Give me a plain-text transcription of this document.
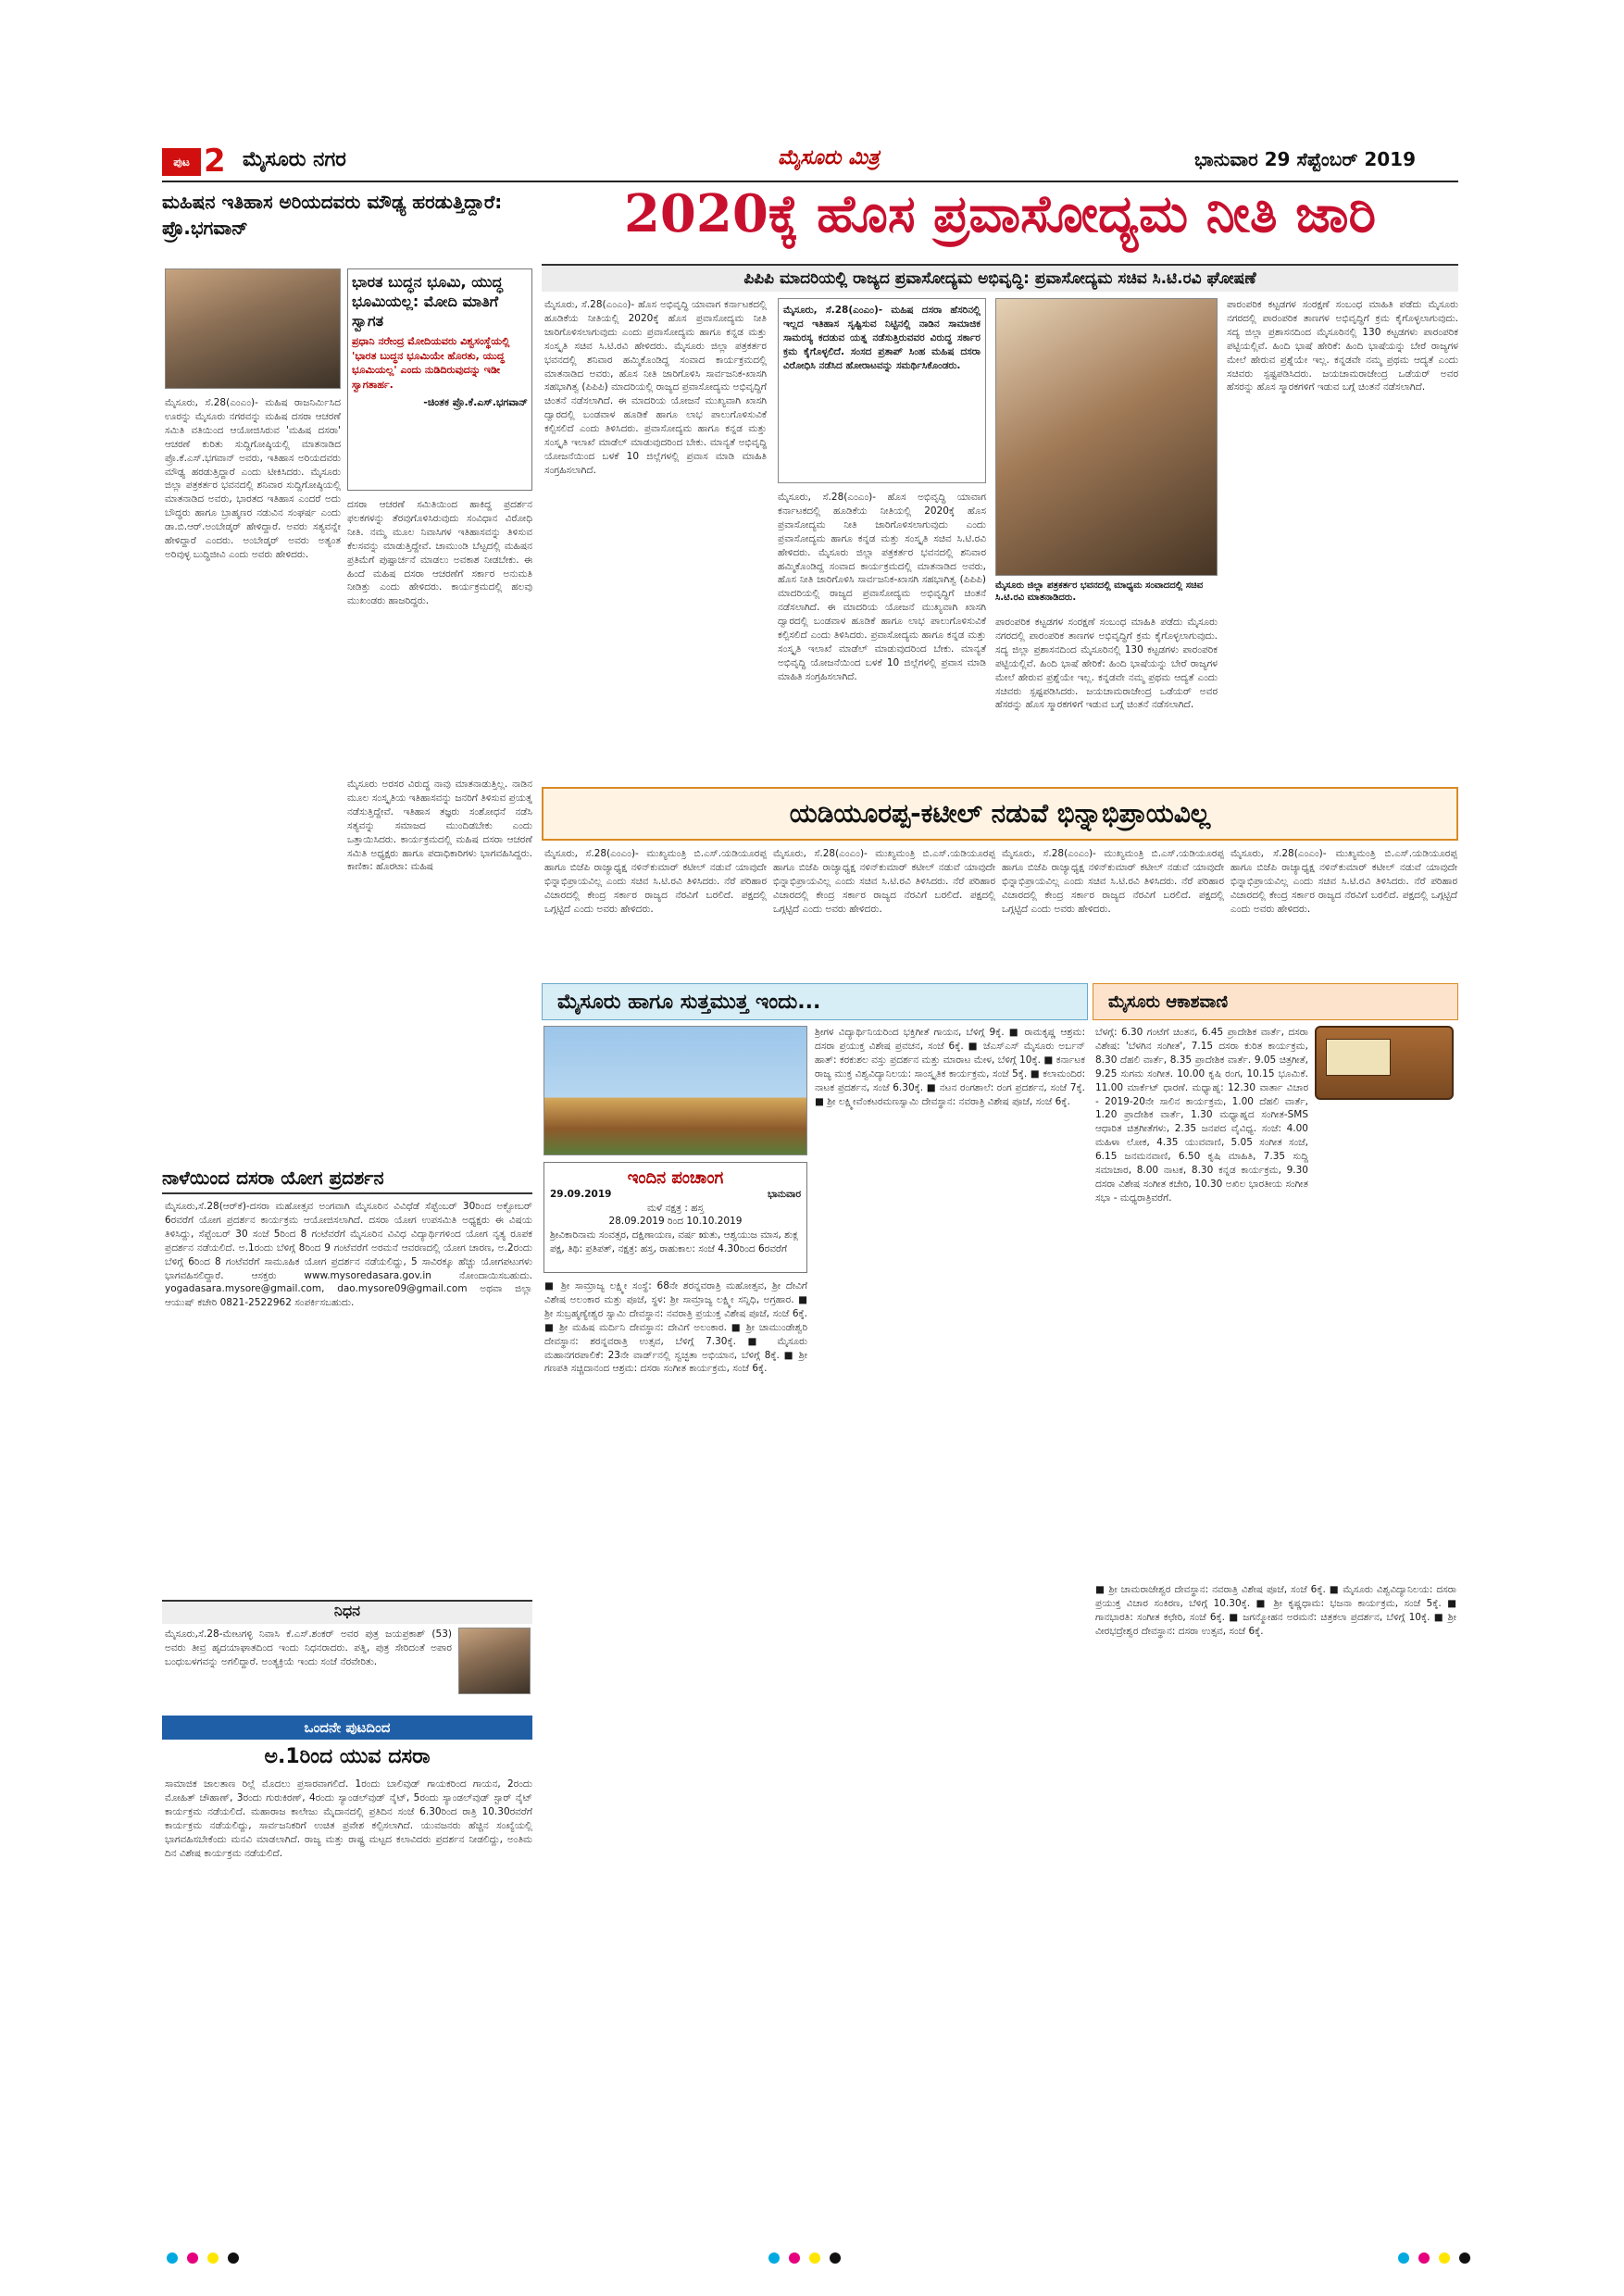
ಪುಟ 2 ಮೈಸೂರು ನಗರ	ಮೈಸೂರು ಮಿತ್ರ	ಭಾನುವಾರ 29 ಸೆಪ್ಟೆಂಬರ್ 2019
ಮಹಿಷನ ಇತಿಹಾಸ ಅರಿಯದವರು ಮೌಢ್ಯ ಹರಡುತ್ತಿದ್ದಾರೆ: ಪ್ರೊ.ಭಗವಾನ್
ಭಾರತ ಬುದ್ಧನ ಭೂಮಿ, ಯುದ್ಧ ಭೂಮಿಯಲ್ಲ: ಮೋದಿ ಮಾತಿಗೆ ಸ್ವಾಗತ
ಪ್ರಧಾನಿ ನರೇಂದ್ರ ಮೋದಿಯವರು ವಿಶ್ವಸಂಸ್ಥೆಯಲ್ಲಿ 'ಭಾರತ ಬುದ್ಧನ ಭೂಮಿಯೇ ಹೊರತು, ಯುದ್ಧ ಭೂಮಿಯಲ್ಲ' ಎಂದು ನುಡಿದಿರುವುದನ್ನು ಇಡೀ ಸ್ವಾಗತಾರ್ಹ.
-ಚಿಂತಕ ಪ್ರೊ.ಕೆ.ಎಸ್.ಭಗವಾನ್
ಮೈಸೂರು, ಸೆ.28(ಎಂಎಂ)- ಮಹಿಷ ರಾಜನಿರ್ಮಿಸಿದ ಊರನ್ನು ಮೈಸೂರು ನಗರವನ್ನು ಮಹಿಷ ದಸರಾ ಆಚರಣೆ ಸಮಿತಿ ವತಿಯಿಂದ ಆಯೋಜಿಸಿರುವ 'ಮಹಿಷ ದಸರಾ' ಆಚರಣೆ ಕುರಿತು ಸುದ್ದಿಗೋಷ್ಠಿಯಲ್ಲಿ ಮಾತನಾಡಿದ ಪ್ರೊ.ಕೆ.ಎಸ್.ಭಗವಾನ್ ಅವರು, ಇತಿಹಾಸ ಅರಿಯದವರು ಮೌಢ್ಯ ಹರಡುತ್ತಿದ್ದಾರೆ ಎಂದು ಟೀಕಿಸಿದರು. ಮೈಸೂರು ಜಿಲ್ಲಾ ಪತ್ರಕರ್ತರ ಭವನದಲ್ಲಿ ಶನಿವಾರ ಸುದ್ದಿಗೋಷ್ಠಿಯಲ್ಲಿ ಮಾತನಾಡಿದ ಅವರು, ಭಾರತದ ಇತಿಹಾಸ ಎಂದರೆ ಅದು ಬೌದ್ಧರು ಹಾಗೂ ಬ್ರಾಹ್ಮಣರ ನಡುವಿನ ಸಂಘರ್ಷ ಎಂದು ಡಾ.ಬಿ.ಆರ್.ಅಂಬೇಡ್ಕರ್ ಹೇಳಿದ್ದಾರೆ. ಅವರು ಸತ್ಯವನ್ನೇ ಹೇಳಿದ್ದಾರೆ ಎಂದರು. ಅಂಬೇಡ್ಕರ್ ಅವರು ಅತ್ಯಂತ ಅರಿವುಳ್ಳ ಬುದ್ಧಿಜೀವಿ ಎಂದು ಅವರು ಹೇಳಿದರು.
ದಸರಾ ಆಚರಣೆ ಸಮಿತಿಯಿಂದ ಹಾಕಿದ್ದ ಪ್ರದರ್ಶನ ಫಲಕಗಳನ್ನು ತೆರವುಗೊಳಿಸಿರುವುದು ಸಂವಿಧಾನ ವಿರೋಧಿ ನೀತಿ. ನಮ್ಮ ಮೂಲ ನಿವಾಸಿಗಳ ಇತಿಹಾಸವನ್ನು ತಿಳಿಸುವ ಕೆಲಸವನ್ನು ಮಾಡುತ್ತಿದ್ದೇವೆ. ಚಾಮುಂಡಿ ಬೆಟ್ಟದಲ್ಲಿ ಮಹಿಷನ ಪ್ರತಿಮೆಗೆ ಪುಷ್ಪಾರ್ಚನೆ ಮಾಡಲು ಅವಕಾಶ ನೀಡಬೇಕು. ಈ ಹಿಂದೆ ಮಹಿಷ ದಸರಾ ಆಚರಣೆಗೆ ಸರ್ಕಾರ ಅನುಮತಿ ನೀಡಿತ್ತು ಎಂದು ಹೇಳಿದರು. ಕಾರ್ಯಕ್ರಮದಲ್ಲಿ ಹಲವು ಮುಖಂಡರು ಹಾಜರಿದ್ದರು.
ಮೈಸೂರು ಅರಸರ ವಿರುದ್ಧ ನಾವು ಮಾತನಾಡುತ್ತಿಲ್ಲ. ನಾಡಿನ ಮೂಲ ಸಂಸ್ಕೃತಿಯ ಇತಿಹಾಸವನ್ನು ಜನರಿಗೆ ತಿಳಿಸುವ ಪ್ರಯತ್ನ ನಡೆಸುತ್ತಿದ್ದೇವೆ. ಇತಿಹಾಸ ತಜ್ಞರು ಸಂಶೋಧನೆ ನಡೆಸಿ ಸತ್ಯವನ್ನು ಸಮಾಜದ ಮುಂದಿಡಬೇಕು ಎಂದು ಒತ್ತಾಯಿಸಿದರು. ಕಾರ್ಯಕ್ರಮದಲ್ಲಿ ಮಹಿಷ ದಸರಾ ಆಚರಣೆ ಸಮಿತಿ ಅಧ್ಯಕ್ಷರು ಹಾಗೂ ಪದಾಧಿಕಾರಿಗಳು ಭಾಗವಹಿಸಿದ್ದರು. ಕಾಣಿಕಾ: ಹೊರಟಾ: ಮಹಿಷ
2020ಕ್ಕೆ ಹೊಸ ಪ್ರವಾಸೋದ್ಯಮ ನೀತಿ ಜಾರಿ
ಪಿಪಿಪಿ ಮಾದರಿಯಲ್ಲಿ ರಾಜ್ಯದ ಪ್ರವಾಸೋದ್ಯಮ ಅಭಿವೃದ್ಧಿ: ಪ್ರವಾಸೋದ್ಯಮ ಸಚಿವ ಸಿ.ಟಿ.ರವಿ ಘೋಷಣೆ
ಮೈಸೂರು, ಸೆ.28(ಎಂಎಂ)- ಹೊಸ ಅಭಿವೃದ್ಧಿ ಯಾವಾಗ ಕರ್ನಾಟಕದಲ್ಲಿ ಹೂಡಿಕೆಯ ನೀತಿಯಲ್ಲಿ 2020ಕ್ಕೆ ಹೊಸ ಪ್ರವಾಸೋದ್ಯಮ ನೀತಿ ಜಾರಿಗೊಳಿಸಲಾಗುವುದು ಎಂದು ಪ್ರವಾಸೋದ್ಯಮ ಹಾಗೂ ಕನ್ನಡ ಮತ್ತು ಸಂಸ್ಕೃತಿ ಸಚಿವ ಸಿ.ಟಿ.ರವಿ ಹೇಳಿದರು. ಮೈಸೂರು ಜಿಲ್ಲಾ ಪತ್ರಕರ್ತರ ಭವನದಲ್ಲಿ ಶನಿವಾರ ಹಮ್ಮಿಕೊಂಡಿದ್ದ ಸಂವಾದ ಕಾರ್ಯಕ್ರಮದಲ್ಲಿ ಮಾತನಾಡಿದ ಅವರು, ಹೊಸ ನೀತಿ ಜಾರಿಗೊಳಿಸಿ ಸಾರ್ವಜನಿಕ-ಖಾಸಗಿ ಸಹಭಾಗಿತ್ವ (ಪಿಪಿಪಿ) ಮಾದರಿಯಲ್ಲಿ ರಾಜ್ಯದ ಪ್ರವಾಸೋದ್ಯಮ ಅಭಿವೃದ್ಧಿಗೆ ಚಿಂತನೆ ನಡೆಸಲಾಗಿದೆ. ಈ ಮಾದರಿಯ ಯೋಜನೆ ಮುಖ್ಯವಾಗಿ ಖಾಸಗಿ ದ್ವಾರದಲ್ಲಿ ಬಂಡವಾಳ ಹೂಡಿಕೆ ಹಾಗೂ ಲಾಭ ಪಾಲುಗೊಳಿಸುವಿಕೆ ಕಲ್ಪಿಸಲಿದೆ ಎಂದು ತಿಳಿಸಿದರು. ಪ್ರವಾಸೋದ್ಯಮ ಹಾಗೂ ಕನ್ನಡ ಮತ್ತು ಸಂಸ್ಕೃತಿ ಇಲಾಖೆ ಮಾಡೆಲ್ ಮಾಡುವುದರಿಂದ ಬೇಕು. ಮಾನ್ಯತೆ ಅಭಿವೃದ್ಧಿ ಯೋಜನೆಯಿಂದ ಬಳಕೆ 10 ಜಿಲ್ಲೆಗಳಲ್ಲಿ ಪ್ರವಾಸ ಮಾಡಿ ಮಾಹಿತಿ ಸಂಗ್ರಹಿಸಲಾಗಿದೆ.
ಮೈಸೂರು, ಸೆ.28(ಎಂಎಂ)- ಮಹಿಷ ದಸರಾ ಹೆಸರಿನಲ್ಲಿ ಇಲ್ಲದ ಇತಿಹಾಸ ಸೃಷ್ಟಿಸುವ ನಿಟ್ಟಿನಲ್ಲಿ ನಾಡಿನ ಸಾಮಾಜಿಕ ಸಾಮರಸ್ಯ ಕದಡುವ ಯತ್ನ ನಡೆಸುತ್ತಿರುವವರ ವಿರುದ್ಧ ಸರ್ಕಾರ ಕ್ರಮ ಕೈಗೊಳ್ಳಲಿದೆ. ಸಂಸದ ಪ್ರತಾಪ್ ಸಿಂಹ ಮಹಿಷ ದಸರಾ ವಿರೋಧಿಸಿ ನಡೆಸಿದ ಹೋರಾಟವನ್ನು ಸಮರ್ಥಿಸಿಕೊಂಡರು.
ಮೈಸೂರು, ಸೆ.28(ಎಂಎಂ)- ಹೊಸ ಅಭಿವೃದ್ಧಿ ಯಾವಾಗ ಕರ್ನಾಟಕದಲ್ಲಿ ಹೂಡಿಕೆಯ ನೀತಿಯಲ್ಲಿ 2020ಕ್ಕೆ ಹೊಸ ಪ್ರವಾಸೋದ್ಯಮ ನೀತಿ ಜಾರಿಗೊಳಿಸಲಾಗುವುದು ಎಂದು ಪ್ರವಾಸೋದ್ಯಮ ಹಾಗೂ ಕನ್ನಡ ಮತ್ತು ಸಂಸ್ಕೃತಿ ಸಚಿವ ಸಿ.ಟಿ.ರವಿ ಹೇಳಿದರು. ಮೈಸೂರು ಜಿಲ್ಲಾ ಪತ್ರಕರ್ತರ ಭವನದಲ್ಲಿ ಶನಿವಾರ ಹಮ್ಮಿಕೊಂಡಿದ್ದ ಸಂವಾದ ಕಾರ್ಯಕ್ರಮದಲ್ಲಿ ಮಾತನಾಡಿದ ಅವರು, ಹೊಸ ನೀತಿ ಜಾರಿಗೊಳಿಸಿ ಸಾರ್ವಜನಿಕ-ಖಾಸಗಿ ಸಹಭಾಗಿತ್ವ (ಪಿಪಿಪಿ) ಮಾದರಿಯಲ್ಲಿ ರಾಜ್ಯದ ಪ್ರವಾಸೋದ್ಯಮ ಅಭಿವೃದ್ಧಿಗೆ ಚಿಂತನೆ ನಡೆಸಲಾಗಿದೆ. ಈ ಮಾದರಿಯ ಯೋಜನೆ ಮುಖ್ಯವಾಗಿ ಖಾಸಗಿ ದ್ವಾರದಲ್ಲಿ ಬಂಡವಾಳ ಹೂಡಿಕೆ ಹಾಗೂ ಲಾಭ ಪಾಲುಗೊಳಿಸುವಿಕೆ ಕಲ್ಪಿಸಲಿದೆ ಎಂದು ತಿಳಿಸಿದರು. ಪ್ರವಾಸೋದ್ಯಮ ಹಾಗೂ ಕನ್ನಡ ಮತ್ತು ಸಂಸ್ಕೃತಿ ಇಲಾಖೆ ಮಾಡೆಲ್ ಮಾಡುವುದರಿಂದ ಬೇಕು. ಮಾನ್ಯತೆ ಅಭಿವೃದ್ಧಿ ಯೋಜನೆಯಿಂದ ಬಳಕೆ 10 ಜಿಲ್ಲೆಗಳಲ್ಲಿ ಪ್ರವಾಸ ಮಾಡಿ ಮಾಹಿತಿ ಸಂಗ್ರಹಿಸಲಾಗಿದೆ.
ಮೈಸೂರು ಜಿಲ್ಲಾ ಪತ್ರಕರ್ತರ ಭವನದಲ್ಲಿ ಮಾಧ್ಯಮ ಸಂವಾದದಲ್ಲಿ ಸಚಿವ ಸಿ.ಟಿ.ರವಿ ಮಾತನಾಡಿದರು.
ಪಾರಂಪರಿಕ ಕಟ್ಟಡಗಳ ಸಂರಕ್ಷಣೆ ಸಂಬಂಧ ಮಾಹಿತಿ ಪಡೆದು ಮೈಸೂರು ನಗರದಲ್ಲಿ ಪಾರಂಪರಿಕ ತಾಣಗಳ ಅಭಿವೃದ್ಧಿಗೆ ಕ್ರಮ ಕೈಗೊಳ್ಳಲಾಗುವುದು. ಸದ್ಯ ಜಿಲ್ಲಾ ಪ್ರಶಾಸನದಿಂದ ಮೈಸೂರಿನಲ್ಲಿ 130 ಕಟ್ಟಡಗಳು ಪಾರಂಪರಿಕ ಪಟ್ಟಿಯಲ್ಲಿವೆ. ಹಿಂದಿ ಭಾಷೆ ಹೇರಿಕೆ: ಹಿಂದಿ ಭಾಷೆಯನ್ನು ಬೇರೆ ರಾಜ್ಯಗಳ ಮೇಲೆ ಹೇರುವ ಪ್ರಶ್ನೆಯೇ ಇಲ್ಲ. ಕನ್ನಡವೇ ನಮ್ಮ ಪ್ರಥಮ ಆದ್ಯತೆ ಎಂದು ಸಚಿವರು ಸ್ಪಷ್ಟಪಡಿಸಿದರು. ಜಯಚಾಮರಾಜೇಂದ್ರ ಒಡೆಯರ್ ಅವರ ಹೆಸರನ್ನು ಹೊಸ ಸ್ಮಾರಕಗಳಿಗೆ ಇಡುವ ಬಗ್ಗೆ ಚಿಂತನೆ ನಡೆಸಲಾಗಿದೆ.
ಪಾರಂಪರಿಕ ಕಟ್ಟಡಗಳ ಸಂರಕ್ಷಣೆ ಸಂಬಂಧ ಮಾಹಿತಿ ಪಡೆದು ಮೈಸೂರು ನಗರದಲ್ಲಿ ಪಾರಂಪರಿಕ ತಾಣಗಳ ಅಭಿವೃದ್ಧಿಗೆ ಕ್ರಮ ಕೈಗೊಳ್ಳಲಾಗುವುದು. ಸದ್ಯ ಜಿಲ್ಲಾ ಪ್ರಶಾಸನದಿಂದ ಮೈಸೂರಿನಲ್ಲಿ 130 ಕಟ್ಟಡಗಳು ಪಾರಂಪರಿಕ ಪಟ್ಟಿಯಲ್ಲಿವೆ. ಹಿಂದಿ ಭಾಷೆ ಹೇರಿಕೆ: ಹಿಂದಿ ಭಾಷೆಯನ್ನು ಬೇರೆ ರಾಜ್ಯಗಳ ಮೇಲೆ ಹೇರುವ ಪ್ರಶ್ನೆಯೇ ಇಲ್ಲ. ಕನ್ನಡವೇ ನಮ್ಮ ಪ್ರಥಮ ಆದ್ಯತೆ ಎಂದು ಸಚಿವರು ಸ್ಪಷ್ಟಪಡಿಸಿದರು. ಜಯಚಾಮರಾಜೇಂದ್ರ ಒಡೆಯರ್ ಅವರ ಹೆಸರನ್ನು ಹೊಸ ಸ್ಮಾರಕಗಳಿಗೆ ಇಡುವ ಬಗ್ಗೆ ಚಿಂತನೆ ನಡೆಸಲಾಗಿದೆ.
ಯಡಿಯೂರಪ್ಪ-ಕಟೀಲ್ ನಡುವೆ ಭಿನ್ನಾಭಿಪ್ರಾಯವಿಲ್ಲ
ಮೈಸೂರು, ಸೆ.28(ಎಂಎಂ)- ಮುಖ್ಯಮಂತ್ರಿ ಬಿ.ಎಸ್.ಯಡಿಯೂರಪ್ಪ ಹಾಗೂ ಬಿಜೆಪಿ ರಾಜ್ಯಾಧ್ಯಕ್ಷ ನಳಿನ್‌ಕುಮಾರ್ ಕಟೀಲ್ ನಡುವೆ ಯಾವುದೇ ಭಿನ್ನಾಭಿಪ್ರಾಯವಿಲ್ಲ ಎಂದು ಸಚಿವ ಸಿ.ಟಿ.ರವಿ ತಿಳಿಸಿದರು. ನೆರೆ ಪರಿಹಾರ ವಿಚಾರದಲ್ಲಿ ಕೇಂದ್ರ ಸರ್ಕಾರ ರಾಜ್ಯದ ನೆರವಿಗೆ ಬರಲಿದೆ. ಪಕ್ಷದಲ್ಲಿ ಒಗ್ಗಟ್ಟಿದೆ ಎಂದು ಅವರು ಹೇಳಿದರು.
ಮೈಸೂರು, ಸೆ.28(ಎಂಎಂ)- ಮುಖ್ಯಮಂತ್ರಿ ಬಿ.ಎಸ್.ಯಡಿಯೂರಪ್ಪ ಹಾಗೂ ಬಿಜೆಪಿ ರಾಜ್ಯಾಧ್ಯಕ್ಷ ನಳಿನ್‌ಕುಮಾರ್ ಕಟೀಲ್ ನಡುವೆ ಯಾವುದೇ ಭಿನ್ನಾಭಿಪ್ರಾಯವಿಲ್ಲ ಎಂದು ಸಚಿವ ಸಿ.ಟಿ.ರವಿ ತಿಳಿಸಿದರು. ನೆರೆ ಪರಿಹಾರ ವಿಚಾರದಲ್ಲಿ ಕೇಂದ್ರ ಸರ್ಕಾರ ರಾಜ್ಯದ ನೆರವಿಗೆ ಬರಲಿದೆ. ಪಕ್ಷದಲ್ಲಿ ಒಗ್ಗಟ್ಟಿದೆ ಎಂದು ಅವರು ಹೇಳಿದರು.
ಮೈಸೂರು, ಸೆ.28(ಎಂಎಂ)- ಮುಖ್ಯಮಂತ್ರಿ ಬಿ.ಎಸ್.ಯಡಿಯೂರಪ್ಪ ಹಾಗೂ ಬಿಜೆಪಿ ರಾಜ್ಯಾಧ್ಯಕ್ಷ ನಳಿನ್‌ಕುಮಾರ್ ಕಟೀಲ್ ನಡುವೆ ಯಾವುದೇ ಭಿನ್ನಾಭಿಪ್ರಾಯವಿಲ್ಲ ಎಂದು ಸಚಿವ ಸಿ.ಟಿ.ರವಿ ತಿಳಿಸಿದರು. ನೆರೆ ಪರಿಹಾರ ವಿಚಾರದಲ್ಲಿ ಕೇಂದ್ರ ಸರ್ಕಾರ ರಾಜ್ಯದ ನೆರವಿಗೆ ಬರಲಿದೆ. ಪಕ್ಷದಲ್ಲಿ ಒಗ್ಗಟ್ಟಿದೆ ಎಂದು ಅವರು ಹೇಳಿದರು.
ಮೈಸೂರು, ಸೆ.28(ಎಂಎಂ)- ಮುಖ್ಯಮಂತ್ರಿ ಬಿ.ಎಸ್.ಯಡಿಯೂರಪ್ಪ ಹಾಗೂ ಬಿಜೆಪಿ ರಾಜ್ಯಾಧ್ಯಕ್ಷ ನಳಿನ್‌ಕುಮಾರ್ ಕಟೀಲ್ ನಡುವೆ ಯಾವುದೇ ಭಿನ್ನಾಭಿಪ್ರಾಯವಿಲ್ಲ ಎಂದು ಸಚಿವ ಸಿ.ಟಿ.ರವಿ ತಿಳಿಸಿದರು. ನೆರೆ ಪರಿಹಾರ ವಿಚಾರದಲ್ಲಿ ಕೇಂದ್ರ ಸರ್ಕಾರ ರಾಜ್ಯದ ನೆರವಿಗೆ ಬರಲಿದೆ. ಪಕ್ಷದಲ್ಲಿ ಒಗ್ಗಟ್ಟಿದೆ ಎಂದು ಅವರು ಹೇಳಿದರು.
ನಾಳೆಯಿಂದ ದಸರಾ ಯೋಗ ಪ್ರದರ್ಶನ
ಮೈಸೂರು,ಸೆ.28(ಆರ್‌ಕೆ)-ದಸರಾ ಮಹೋತ್ಸವ ಅಂಗವಾಗಿ ಮೈಸೂರಿನ ವಿವಿಧೆಡೆ ಸೆಪ್ಟೆಂಬರ್ 30ರಿಂದ ಅಕ್ಟೋಬರ್ 6ರವರೆಗೆ ಯೋಗ ಪ್ರದರ್ಶನ ಕಾರ್ಯಕ್ರಮ ಆಯೋಜಿಸಲಾಗಿದೆ. ದಸರಾ ಯೋಗ ಉಪಸಮಿತಿ ಅಧ್ಯಕ್ಷರು ಈ ವಿಷಯ ತಿಳಿಸಿದ್ದು, ಸೆಪ್ಟೆಂಬರ್ 30 ಸಂಜೆ 5ರಿಂದ 8 ಗಂಟೆವರೆಗೆ ಮೈಸೂರಿನ ವಿವಿಧ ವಿದ್ಯಾರ್ಥಿಗಳಿಂದ ಯೋಗ ನೃತ್ಯ ರೂಪಕ ಪ್ರದರ್ಶನ ನಡೆಯಲಿದೆ. ಅ.1ರಂದು ಬೆಳಿಗ್ಗೆ 8ರಿಂದ 9 ಗಂಟೆವರೆಗೆ ಅರಮನೆ ಆವರಣದಲ್ಲಿ ಯೋಗ ಚಾರಣ, ಅ.2ರಂದು ಬೆಳಿಗ್ಗೆ 6ರಿಂದ 8 ಗಂಟೆವರೆಗೆ ಸಾಮೂಹಿಕ ಯೋಗ ಪ್ರದರ್ಶನ ನಡೆಯಲಿದ್ದು, 5 ಸಾವಿರಕ್ಕೂ ಹೆಚ್ಚು ಯೋಗಪಟುಗಳು ಭಾಗವಹಿಸಲಿದ್ದಾರೆ. ಆಸಕ್ತರು www.mysoredasara.gov.in ನೋಂದಾಯಿಸಬಹುದು. yogadasara.mysore@gmail.com, dao.mysore09@gmail.com ಅಥವಾ ಜಿಲ್ಲಾ ಆಯುಷ್ ಕಚೇರಿ 0821-2522962 ಸಂಪರ್ಕಿಸಬಹುದು.
ನಿಧನ
ಮೈಸೂರು,ಸೆ.28-ಮೇಟಗಳ್ಳಿ ನಿವಾಸಿ ಕೆ.ಎಸ್.ಶಂಕರ್ ಅವರ ಪುತ್ರ ಜಯಪ್ರಕಾಶ್ (53) ಅವರು ತೀವ್ರ ಹೃದಯಾಘಾತದಿಂದ ಇಂದು ನಿಧನರಾದರು. ಪತ್ನಿ, ಪುತ್ರ ಸೇರಿದಂತೆ ಅಪಾರ ಬಂಧುಬಳಗವನ್ನು ಅಗಲಿದ್ದಾರೆ. ಅಂತ್ಯಕ್ರಿಯೆ ಇಂದು ಸಂಜೆ ನೆರವೇರಿತು.
ಒಂದನೇ ಪುಟದಿಂದ
ಅ.1ರಿಂದ ಯುವ ದಸರಾ
ಸಾಮಾಜಿಕ ಜಾಲತಾಣ ರಿಲ್ಲೆ ಮೊದಲು ಪ್ರಸಾರವಾಗಲಿದೆ. 1ರಂದು ಬಾಲಿವುಡ್ ಗಾಯಕರಿಂದ ಗಾಯನ, 2ರಂದು ಮೋಹಿತ್ ಚೌಹಾಣ್, 3ರಂದು ಗುರುಕಿರಣ್, 4ರಂದು ಸ್ಯಾಂಡಲ್‌ವುಡ್ ನೈಟ್, 5ರಂದು ಸ್ಯಾಂಡಲ್‌ವುಡ್ ಸ್ಟಾರ್ ನೈಟ್ ಕಾರ್ಯಕ್ರಮ ನಡೆಯಲಿದೆ. ಮಹಾರಾಜ ಕಾಲೇಜು ಮೈದಾನದಲ್ಲಿ ಪ್ರತಿದಿನ ಸಂಜೆ 6.30ರಿಂದ ರಾತ್ರಿ 10.30ರವರೆಗೆ ಕಾರ್ಯಕ್ರಮ ನಡೆಯಲಿದ್ದು, ಸಾರ್ವಜನಿಕರಿಗೆ ಉಚಿತ ಪ್ರವೇಶ ಕಲ್ಪಿಸಲಾಗಿದೆ. ಯುವಜನರು ಹೆಚ್ಚಿನ ಸಂಖ್ಯೆಯಲ್ಲಿ ಭಾಗವಹಿಸಬೇಕೆಂದು ಮನವಿ ಮಾಡಲಾಗಿದೆ. ರಾಜ್ಯ ಮತ್ತು ರಾಷ್ಟ್ರ ಮಟ್ಟದ ಕಲಾವಿದರು ಪ್ರದರ್ಶನ ನೀಡಲಿದ್ದು, ಅಂತಿಮ ದಿನ ವಿಶೇಷ ಕಾರ್ಯಕ್ರಮ ನಡೆಯಲಿದೆ.
ಮೈಸೂರು ಹಾಗೂ ಸುತ್ತಮುತ್ತ ಇಂದು...
ಇಂದಿನ ಪಂಚಾಂಗ
29.09.2019	ಭಾನುವಾರ
ಮಳೆ ನಕ್ಷತ್ರ : ಹಸ್ತ
28.09.2019 ರಿಂದ 10.10.2019
ಶ್ರೀವಿಕಾರಿನಾಮ ಸಂವತ್ಸರ, ದಕ್ಷಿಣಾಯಣ, ವರ್ಷ ಋತು, ಆಶ್ವಯುಜ ಮಾಸ, ಶುಕ್ಲ ಪಕ್ಷ, ತಿಥಿ: ಪ್ರತಿಪತ್, ನಕ್ಷತ್ರ: ಹಸ್ತ, ರಾಹುಕಾಲ: ಸಂಜೆ 4.30ರಿಂದ 6ರವರೆಗೆ
■ ಶ್ರೀ ಸಾಮ್ರಾಜ್ಯ ಲಕ್ಷ್ಮೀ ಸಂಸ್ಥೆ: 68ನೇ ಶರನ್ನವರಾತ್ರಿ ಮಹೋತ್ಸವ, ಶ್ರೀ ದೇವಿಗೆ ವಿಶೇಷ ಅಲಂಕಾರ ಮತ್ತು ಪೂಜೆ, ಸ್ಥಳ: ಶ್ರೀ ಸಾಮ್ರಾಜ್ಯ ಲಕ್ಷ್ಮೀ ಸನ್ನಿಧಿ, ಅಗ್ರಹಾರ. ■ ಶ್ರೀ ಸುಬ್ರಹ್ಮಣ್ಯೇಶ್ವರ ಸ್ವಾಮಿ ದೇವಸ್ಥಾನ: ನವರಾತ್ರಿ ಪ್ರಯುಕ್ತ ವಿಶೇಷ ಪೂಜೆ, ಸಂಜೆ 6ಕ್ಕೆ. ■ ಶ್ರೀ ಮಹಿಷ ಮರ್ದಿನಿ ದೇವಸ್ಥಾನ: ದೇವಿಗೆ ಅಲಂಕಾರ. ■ ಶ್ರೀ ಚಾಮುಂಡೇಶ್ವರಿ ದೇವಸ್ಥಾನ: ಶರನ್ನವರಾತ್ರಿ ಉತ್ಸವ, ಬೆಳಿಗ್ಗೆ 7.30ಕ್ಕೆ. ■ ಮೈಸೂರು ಮಹಾನಗರಪಾಲಿಕೆ: 23ನೇ ವಾರ್ಡ್‌ನಲ್ಲಿ ಸ್ವಚ್ಛತಾ ಅಭಿಯಾನ, ಬೆಳಿಗ್ಗೆ 8ಕ್ಕೆ. ■ ಶ್ರೀ ಗಣಪತಿ ಸಚ್ಚಿದಾನಂದ ಆಶ್ರಮ: ದಸರಾ ಸಂಗೀತ ಕಾರ್ಯಕ್ರಮ, ಸಂಜೆ 6ಕ್ಕೆ.
ಶ್ರೀಗಳ ವಿದ್ಯಾರ್ಥಿನಿಯರಿಂದ ಭಕ್ತಿಗೀತೆ ಗಾಯನ, ಬೆಳಿಗ್ಗೆ 9ಕ್ಕೆ. ■ ರಾಮಕೃಷ್ಣ ಆಶ್ರಮ: ದಸರಾ ಪ್ರಯುಕ್ತ ವಿಶೇಷ ಪ್ರವಚನ, ಸಂಜೆ 6ಕ್ಕೆ. ■ ಜೆಎಸ್‌ಎಸ್ ಮೈಸೂರು ಅರ್ಬನ್ ಹಾತ್: ಕರಕುಶಲ ವಸ್ತು ಪ್ರದರ್ಶನ ಮತ್ತು ಮಾರಾಟ ಮೇಳ, ಬೆಳಿಗ್ಗೆ 10ಕ್ಕೆ. ■ ಕರ್ನಾಟಕ ರಾಜ್ಯ ಮುಕ್ತ ವಿಶ್ವವಿದ್ಯಾನಿಲಯ: ಸಾಂಸ್ಕೃತಿಕ ಕಾರ್ಯಕ್ರಮ, ಸಂಜೆ 5ಕ್ಕೆ. ■ ಕಲಾಮಂದಿರ: ನಾಟಕ ಪ್ರದರ್ಶನ, ಸಂಜೆ 6.30ಕ್ಕೆ. ■ ನಟನ ರಂಗಶಾಲೆ: ರಂಗ ಪ್ರದರ್ಶನ, ಸಂಜೆ 7ಕ್ಕೆ. ■ ಶ್ರೀ ಲಕ್ಷ್ಮೀವೆಂಕಟರಮಣಸ್ವಾಮಿ ದೇವಸ್ಥಾನ: ನವರಾತ್ರಿ ವಿಶೇಷ ಪೂಜೆ, ಸಂಜೆ 6ಕ್ಕೆ.
ಮೈಸೂರು ಆಕಾಶವಾಣಿ
ಬೆಳಗ್ಗೆ: 6.30 ಗಂಟೆಗೆ ಚಿಂತನ, 6.45 ಪ್ರಾದೇಶಿಕ ವಾರ್ತೆ, ದಸರಾ ವಿಶೇಷ: 'ಬೆಳಗಿನ ಸಂಗೀತ', 7.15 ದಸರಾ ಕುರಿತ ಕಾರ್ಯಕ್ರಮ, 8.30 ದೆಹಲಿ ವಾರ್ತೆ, 8.35 ಪ್ರಾದೇಶಿಕ ವಾರ್ತೆ. 9.05 ಚಿತ್ರಗೀತೆ, 9.25 ಸುಗಮ ಸಂಗೀತ. 10.00 ಕೃಷಿ ರಂಗ, 10.15 ಭೂಮಿಕೆ. 11.00 ಮಾರ್ಕೆಟ್ ಧಾರಣೆ. ಮಧ್ಯಾಹ್ನ: 12.30 ವಾರ್ತಾ ವಿಚಾರ - 2019-20ನೇ ಸಾಲಿನ ಕಾರ್ಯಕ್ರಮ, 1.00 ದೆಹಲಿ ವಾರ್ತೆ, 1.20 ಪ್ರಾದೇಶಿಕ ವಾರ್ತೆ, 1.30 ಮಧ್ಯಾಹ್ನದ ಸಂಗೀತ-SMS ಆಧಾರಿತ ಚಿತ್ರಗೀತೆಗಳು, 2.35 ಜನಪದ ವೈವಿಧ್ಯ. ಸಂಜೆ: 4.00 ಮಹಿಳಾ ಲೋಕ, 4.35 ಯುವವಾಣಿ, 5.05 ಸಂಗೀತ ಸಂಜೆ, 6.15 ಜನಮನವಾಣಿ, 6.50 ಕೃಷಿ ಮಾಹಿತಿ, 7.35 ಸುದ್ದಿ ಸಮಾಚಾರ, 8.00 ನಾಟಕ, 8.30 ಕನ್ನಡ ಕಾರ್ಯಕ್ರಮ, 9.30 ದಸರಾ ವಿಶೇಷ ಸಂಗೀತ ಕಚೇರಿ, 10.30 ಅಖಿಲ ಭಾರತೀಯ ಸಂಗೀತ ಸಭಾ - ಮಧ್ಯರಾತ್ರಿವರೆಗೆ.
■ ಶ್ರೀ ಚಾಮರಾಜೇಶ್ವರ ದೇವಸ್ಥಾನ: ನವರಾತ್ರಿ ವಿಶೇಷ ಪೂಜೆ, ಸಂಜೆ 6ಕ್ಕೆ. ■ ಮೈಸೂರು ವಿಶ್ವವಿದ್ಯಾನಿಲಯ: ದಸರಾ ಪ್ರಯುಕ್ತ ವಿಚಾರ ಸಂಕಿರಣ, ಬೆಳಿಗ್ಗೆ 10.30ಕ್ಕೆ. ■ ಶ್ರೀ ಕೃಷ್ಣಧಾಮ: ಭಜನಾ ಕಾರ್ಯಕ್ರಮ, ಸಂಜೆ 5ಕ್ಕೆ. ■ ಗಾನಭಾರತಿ: ಸಂಗೀತ ಕಛೇರಿ, ಸಂಜೆ 6ಕ್ಕೆ. ■ ಜಗನ್ಮೋಹನ ಅರಮನೆ: ಚಿತ್ರಕಲಾ ಪ್ರದರ್ಶನ, ಬೆಳಿಗ್ಗೆ 10ಕ್ಕೆ. ■ ಶ್ರೀ ವೀರಭದ್ರೇಶ್ವರ ದೇವಸ್ಥಾನ: ದಸರಾ ಉತ್ಸವ, ಸಂಜೆ 6ಕ್ಕೆ.
